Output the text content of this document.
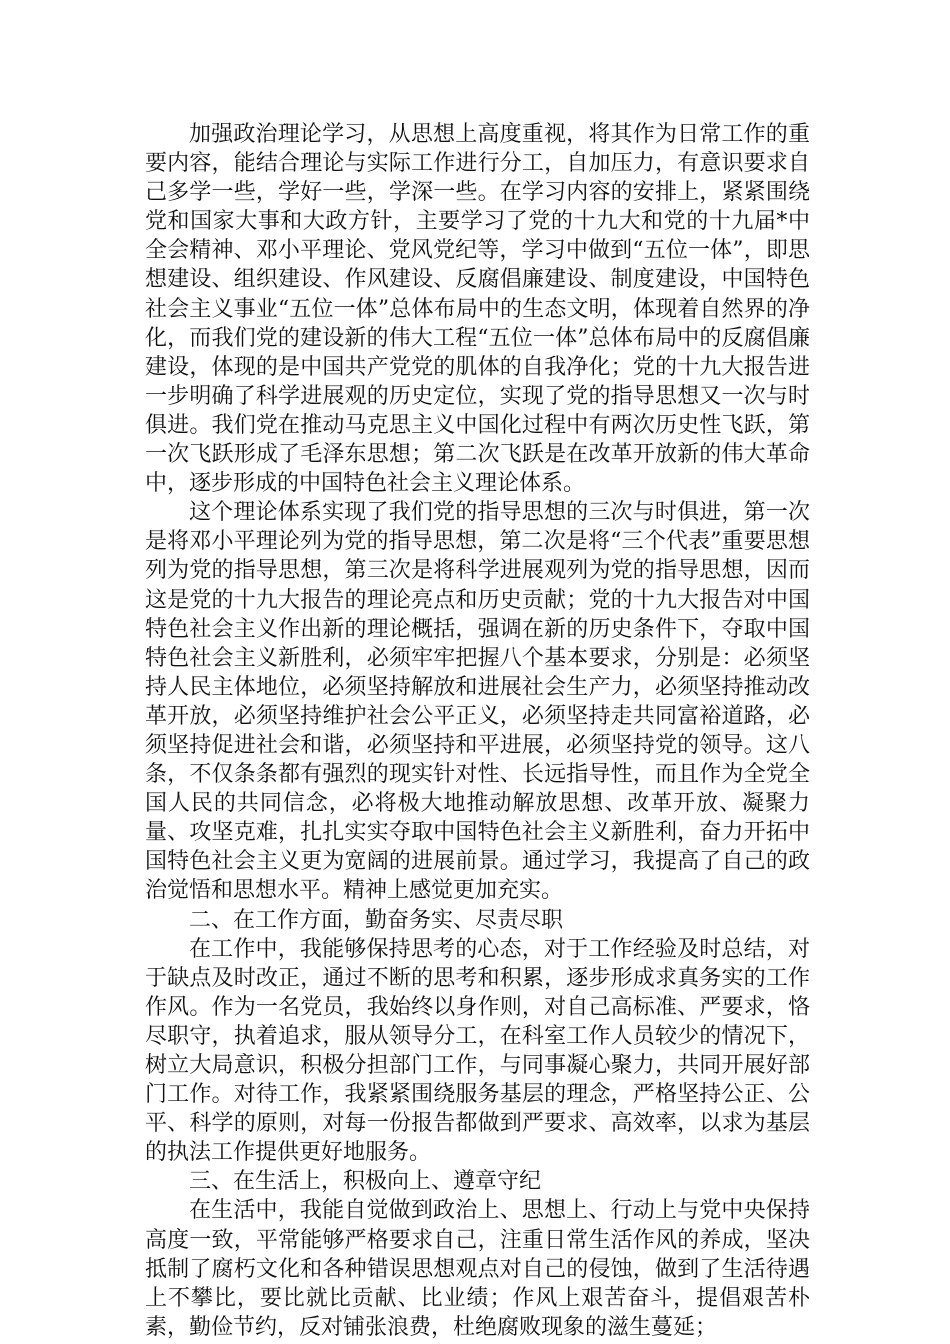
加强政治理论学习，从思想上高度重视，将其作为日常工作的重要内容，能结合理论与实际工作进行分工，自加压力，有意识要求自己多学一些，学好一些，学深一些。在学习内容的安排上，紧紧围绕党和国家大事和大政方针，主要学习了党的十九大和党的十九届*中全会精神、邓小平理论、党风党纪等，学习中做到“五位一体”，即思想建设、组织建设、作风建设、反腐倡廉建设、制度建设，中国特色社会主义事业“五位一体”总体布局中的生态文明，体现着自然界的净化，而我们党的建设新的伟大工程“五位一体”总体布局中的反腐倡廉建设，体现的是中国共产党党的肌体的自我净化；党的十九大报告进一步明确了科学进展观的历史定位，实现了党的指导思想又一次与时俱进。我们党在推动马克思主义中国化过程中有两次历史性飞跃，第一次飞跃形成了毛泽东思想；第二次飞跃是在改革开放新的伟大革命中，逐步形成的中国特色社会主义理论体系。

这个理论体系实现了我们党的指导思想的三次与时俱进，第一次是将邓小平理论列为党的指导思想，第二次是将“三个代表”重要思想列为党的指导思想，第三次是将科学进展观列为党的指导思想，因而这是党的十九大报告的理论亮点和历史贡献；党的十九大报告对中国特色社会主义作出新的理论概括，强调在新的历史条件下，夺取中国特色社会主义新胜利，必须牢牢把握八个基本要求，分别是：必须坚持人民主体地位，必须坚持解放和进展社会生产力，必须坚持推动改革开放，必须坚持维护社会公平正义，必须坚持走共同富裕道路，必须坚持促进社会和谐，必须坚持和平进展，必须坚持党的领导。这八条，不仅条条都有强烈的现实针对性、长远指导性，而且作为全党全国人民的共同信念，必将极大地推动解放思想、改革开放、凝聚力量、攻坚克难，扎扎实实夺取中国特色社会主义新胜利，奋力开拓中国特色社会主义更为宽阔的进展前景。通过学习，我提高了自己的政治觉悟和思想水平。精神上感觉更加充实。

二、在工作方面，勤奋务实、尽责尽职

在工作中，我能够保持思考的心态，对于工作经验及时总结，对于缺点及时改正，通过不断的思考和积累，逐步形成求真务实的工作作风。作为一名党员，我始终以身作则，对自己高标准、严要求，恪尽职守，执着追求，服从领导分工，在科室工作人员较少的情况下，树立大局意识，积极分担部门工作，与同事凝心聚力，共同开展好部门工作。对待工作，我紧紧围绕服务基层的理念，严格坚持公正、公平、科学的原则，对每一份报告都做到严要求、高效率，以求为基层的执法工作提供更好地服务。

三、在生活上，积极向上、遵章守纪

在生活中，我能自觉做到政治上、思想上、行动上与党中央保持高度一致，平常能够严格要求自己，注重日常生活作风的养成，坚决抵制了腐朽文化和各种错误思想观点对自己的侵蚀，做到了生活待遇上不攀比，要比就比贡献、比业绩；作风上艰苦奋斗，提倡艰苦朴素，勤俭节约，反对铺张浪费，杜绝腐败现象的滋生蔓延；
